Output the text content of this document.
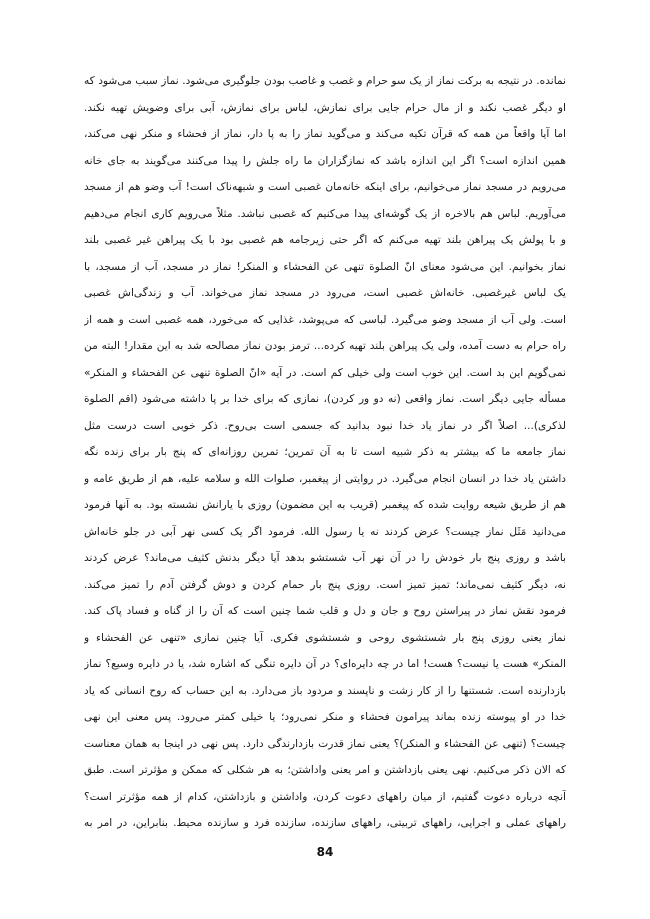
نمانده. در نتیجه به برکت نماز از یک سو حرام و غصب و غاصب بودن جلوگیری می‌شود. نماز سبب می‌شود که
او دیگر غصب نکند و از مال حرام جایی برای نمازش، لباس برای نمازش، آبی برای وضویش تهیه نکند.
اما آیا واقعاً من همه که قرآن تکیه می‌کند و می‌گوید نماز را به پا دار، نماز از فحشاء و منکر نهی می‌کند،
همین اندازه است؟ اگر این اندازه باشد که نمازگزاران ما راه جلش را پیدا می‌کنند می‌گویند به جای خانه
می‌رویم در مسجد نماز می‌خوانیم، برای اینکه خانه‌مان غصبی است و شبهه‌ناک است! آب وضو هم از مسجد
می‌آوریم. لباس هم بالاخره از یک گوشه‌ای پیدا می‌کنیم که غصبی نباشد. مثلاً می‌رویم کاری انجام می‌دهیم
و با پولش یک پیراهن بلند تهیه می‌کنم که اگر حتی زیرجامه هم غصبی بود با یک پیراهن غیر غصبی بلند
نماز بخوانیم. این می‌شود معنای انّ الصلوة تنهی عن الفحشاء و المنکر! نماز در مسجد، آب از مسجد، با
یک لباس غیرغصبی. خانه‌اش غصبی است، می‌رود در مسجد نماز می‌خواند. آب و زندگی‌اش غصبی
است. ولی آب از مسجد وضو می‌گیرد. لباسی که می‌پوشد، غذایی که می‌خورد، همه غصبی است و همه از
راه حرام به دست آمده، ولی یک پیراهن بلند تهیه کرده... ترمز بودن نماز مصالحه شد به این مقدار! البته من
نمی‌گویم این بد است. این خوب است ولی خیلی کم است. در آیه «انّ الصلوة تنهی عن الفحشاء و المنکر»
مسأله جایی دیگر است. نماز واقعی (نه دو ور کردن)، نمازی که برای خدا بر پا داشته می‌شود (اقم الصلوة
لذکری)... اصلاً اگر در نماز یاد خدا نبود بدانید که جسمی است بی‌روح. ذکر خوبی است درست مثل
نماز جامعه ما که بیشتر به ذکر شبیه است تا به آن تمرین؛ تمرین روزانه‌ای که پنج بار برای زنده نگه
داشتن یاد خدا در انسان انجام می‌گیرد. در روایتی از پیغمبر، صلوات الله و سلامه علیه، هم از طریق عامه و
هم از طریق شیعه روایت شده که پیغمبر (قریب به این مضمون) روزی با یارانش نشسته بود. به آنها فرمود
می‌دانید مَثَل نماز چیست؟ عرض کردند نه یا رسول الله. فرمود اگر یک کسی نهر آبی در جلو خانه‌اش
باشد و روزی پنج بار خودش را در آن نهر آب شستشو بدهد آیا دیگر بدنش کثیف می‌ماند؟ عرض کردند
نه، دیگر کثیف نمی‌ماند؛ تمیز تمیز است. روزی پنج بار حمام کردن و دوش گرفتن آدم را تمیز می‌کند.
فرمود نقش نماز در پیراستن روح و جان و دل و قلب شما چنین است که آن را از گناه و فساد پاک کند.
نماز یعنی روزی پنج بار شستشوی روحی و شستشوی فکری. آیا چنین نمازی «تنهی عن الفحشاء و
المنکر» هست یا نیست؟ هست! اما در چه دایره‌ای؟ در آن دایره تنگی که اشاره شد، یا در دایره وسیع؟ نماز
بازدارنده است. شستنها را از کار زشت و ناپسند و مردود باز می‌دارد. به این حساب که روح انسانی که یاد
خدا در او پیوسته زنده بماند پیرامون فحشاء و منکر نمی‌رود؛ یا خیلی کمتر می‌رود. پس معنی این نهی
چیست؟ (تنهی عن الفحشاء و المنکر)؟ یعنی نماز قدرت بازدارندگی دارد. پس نهی در اینجا به همان معناست
که الان ذکر می‌کنیم. نهی یعنی بازداشتن و امر یعنی واداشتن؛ به هر شکلی که ممکن و مؤثرتر است. طبق
آنچه درباره دعوت گفتیم، از میان راههای دعوت کردن، واداشتن و بازداشتن، کدام از همه مؤثرتر است؟
راههای عملی و اجرایی، راههای تربیتی، راههای سازنده، سازنده فرد و سازنده محیط. بنابراین، در امر به
84
